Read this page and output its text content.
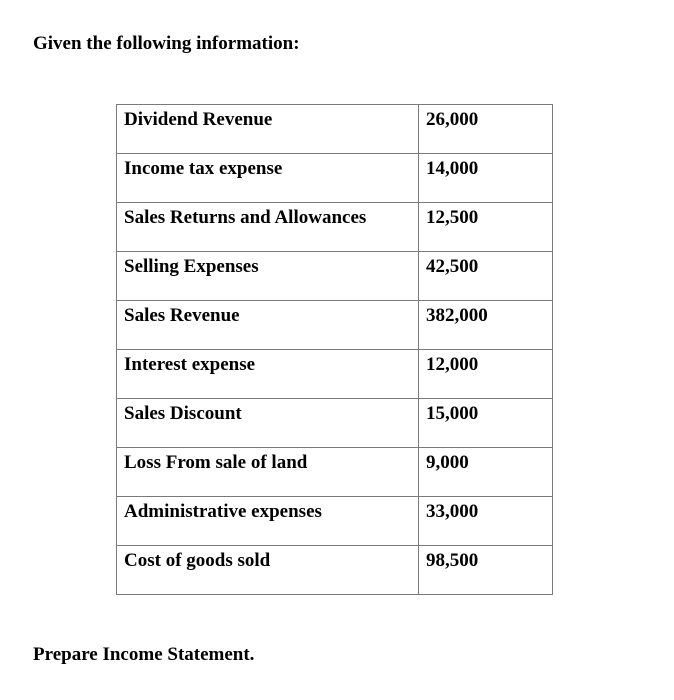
Given the following information:

Dividend Revenue	26,000

Income tax expense	14,000

Sales Returns and Allowances	12,500

Selling Expenses	42,500

Sales Revenue	382,000

Interest expense	12,000

Sales Discount	15,000

Loss From sale of land	9,000

Administrative expenses	33,000

Cost of goods sold	98,500

Prepare Income Statement.
